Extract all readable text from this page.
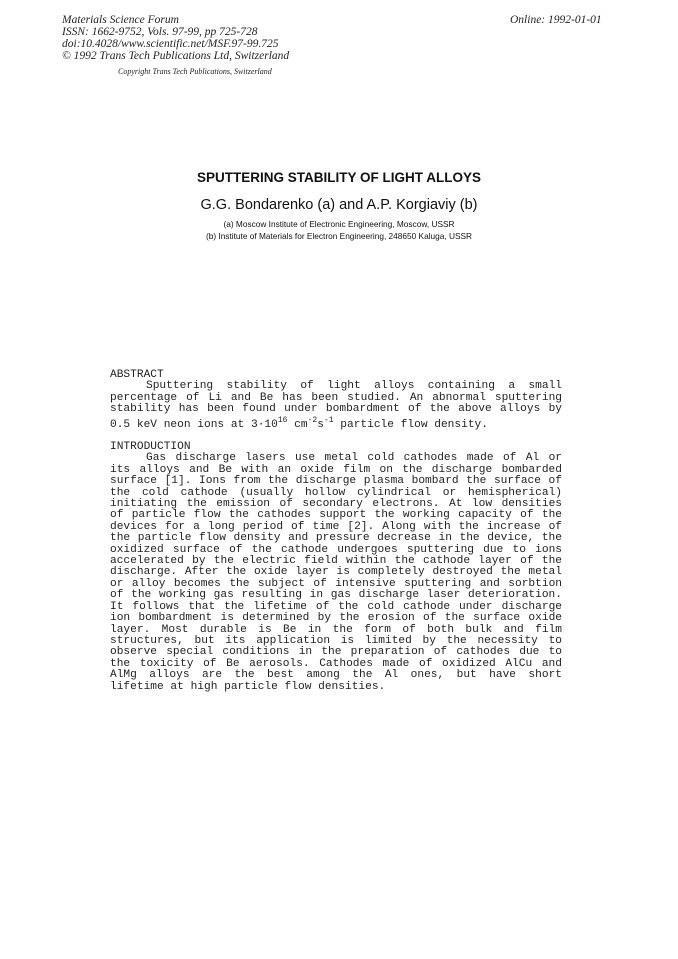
Materials Science Forum
ISSN: 1662-9752, Vols. 97-99, pp 725-728
doi:10.4028/www.scientific.net/MSF.97-99.725
© 1992 Trans Tech Publications Ltd, Switzerland
Online: 1992-01-01
Copyright Trans Tech Publications, Switzerland
SPUTTERING STABILITY OF LIGHT ALLOYS
G.G. Bondarenko (a) and A.P. Korgiaviy (b)
(a) Moscow Institute of Electronic Engineering, Moscow, USSR
(b) Institute of Materials for Electron Engineering, 248650 Kaluga, USSR
ABSTRACT
Sputtering stability of light alloys containing a small
percentage of Li and Be has been studied. An abnormal sputtering
stability has been found under bombardment of the above alloys by
0.5 keV neon ions at $3\cdot 10^{16}$ $cm^{-2}s^{-1}$ particle flow density.
INTRODUCTION
Gas discharge lasers use metal cold cathodes made of Al or
its alloys and Be with an oxide film on the discharge bombarded
surface [1]. Ions from the discharge plasma bombard the surface of
the cold cathode (usually hollow cylindrical or hemispherical)
initiating the emission of secondary electrons. At low densities
of particle flow the cathodes support the working capacity of the
devices for a long period of time [2]. Along with the increase of
the particle flow density and pressure decrease in the device, the
oxidized surface of the cathode undergoes sputtering due to ions
accelerated by the electric field within the cathode layer of the
discharge. After the oxide layer is completely destroyed the metal
or alloy becomes the subject of intensive sputtering and sorbtion
of the working gas resulting in gas discharge laser deterioration.
It follows that the lifetime of the cold cathode under discharge
ion bombardment is determined by the erosion of the surface oxide
layer. Most durable is Be in the form of both bulk and film
structures, but its application is limited by the necessity to
observe special conditions in the preparation of cathodes due to
the toxicity of Be aerosols. Cathodes made of oxidized AlCu and
AlMg alloys are the best among the Al ones, but have short
lifetime at high particle flow densities.
